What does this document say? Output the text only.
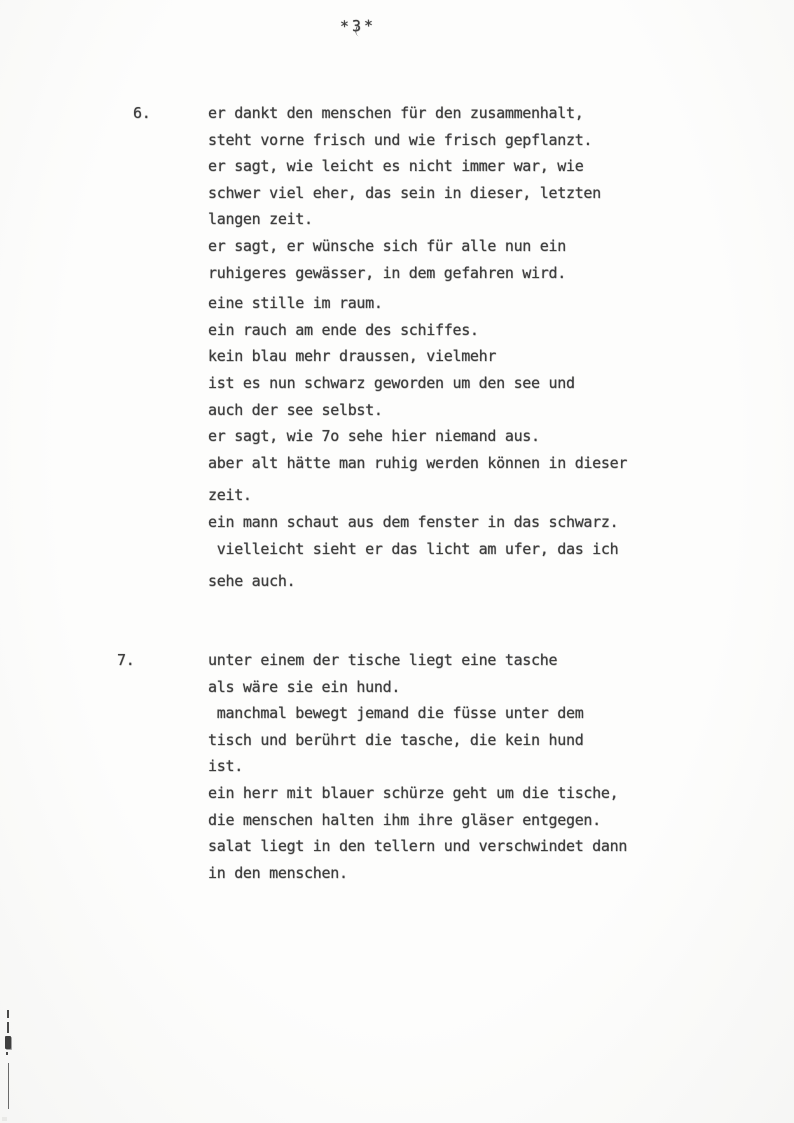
*3*
6.	er dankt den menschen für den zusammenhalt,
steht vorne frisch und wie frisch gepflanzt.
er sagt, wie leicht es nicht immer war, wie
schwer viel eher, das sein in dieser, letzten
langen zeit.
er sagt, er wünsche sich für alle nun ein
ruhigeres gewässer, in dem gefahren wird.
eine stille im raum.
ein rauch am ende des schiffes.
kein blau mehr draussen, vielmehr
ist es nun schwarz geworden um den see und
auch der see selbst.
er sagt, wie 7o sehe hier niemand aus.
aber alt hätte man ruhig werden können in dieser
zeit.
ein mann schaut aus dem fenster in das schwarz.
vielleicht sieht er das licht am ufer, das ich
sehe auch.
7.	unter einem der tische liegt eine tasche
als wäre sie ein hund.
manchmal bewegt jemand die füsse unter dem
tisch und berührt die tasche, die kein hund
ist.
ein herr mit blauer schürze geht um die tische,
die menschen halten ihm ihre gläser entgegen.
salat liegt in den tellern und verschwindet dann
in den menschen.
